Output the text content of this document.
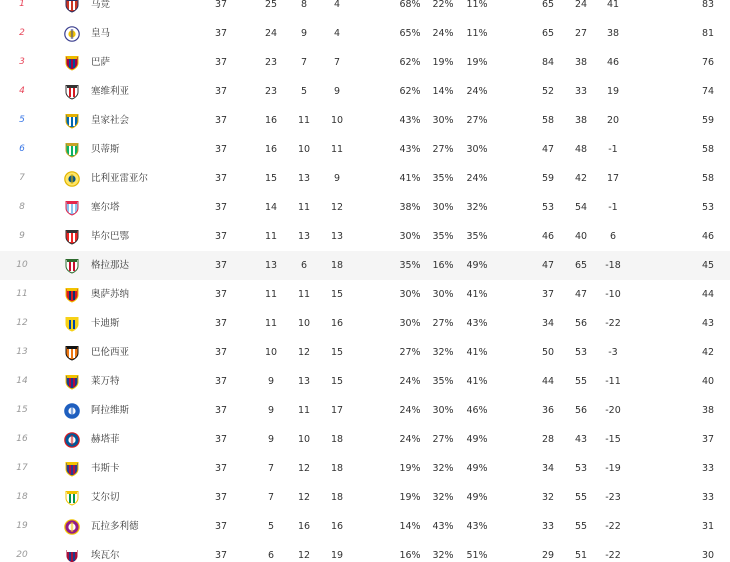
1	马竞	37	25	8	4	68%	22%	11%	65	24	41	83
2	皇马	37	24	9	4	65%	24%	11%	65	27	38	81
3	巴萨	37	23	7	7	62%	19%	19%	84	38	46	76
4	塞维利亚	37	23	5	9	62%	14%	24%	52	33	19	74
5	皇家社会	37	16	11	10	43%	30%	27%	58	38	20	59
6	贝蒂斯	37	16	10	11	43%	27%	30%	47	48	-1	58
7	比利亚雷亚尔	37	15	13	9	41%	35%	24%	59	42	17	58
8	塞尔塔	37	14	11	12	38%	30%	32%	53	54	-1	53
9	毕尔巴鄂	37	11	13	13	30%	35%	35%	46	40	6	46
10	格拉那达	37	13	6	18	35%	16%	49%	47	65	-18	45
11	奥萨苏纳	37	11	11	15	30%	30%	41%	37	47	-10	44
12	卡迪斯	37	11	10	16	30%	27%	43%	34	56	-22	43
13	巴伦西亚	37	10	12	15	27%	32%	41%	50	53	-3	42
14	莱万特	37	9	13	15	24%	35%	41%	44	55	-11	40
15	阿拉维斯	37	9	11	17	24%	30%	46%	36	56	-20	38
16	赫塔菲	37	9	10	18	24%	27%	49%	28	43	-15	37
17	韦斯卡	37	7	12	18	19%	32%	49%	34	53	-19	33
18	艾尔切	37	7	12	18	19%	32%	49%	32	55	-23	33
19	瓦拉多利德	37	5	16	16	14%	43%	43%	33	55	-22	31
20	埃瓦尔	37	6	12	19	16%	32%	51%	29	51	-22	30
